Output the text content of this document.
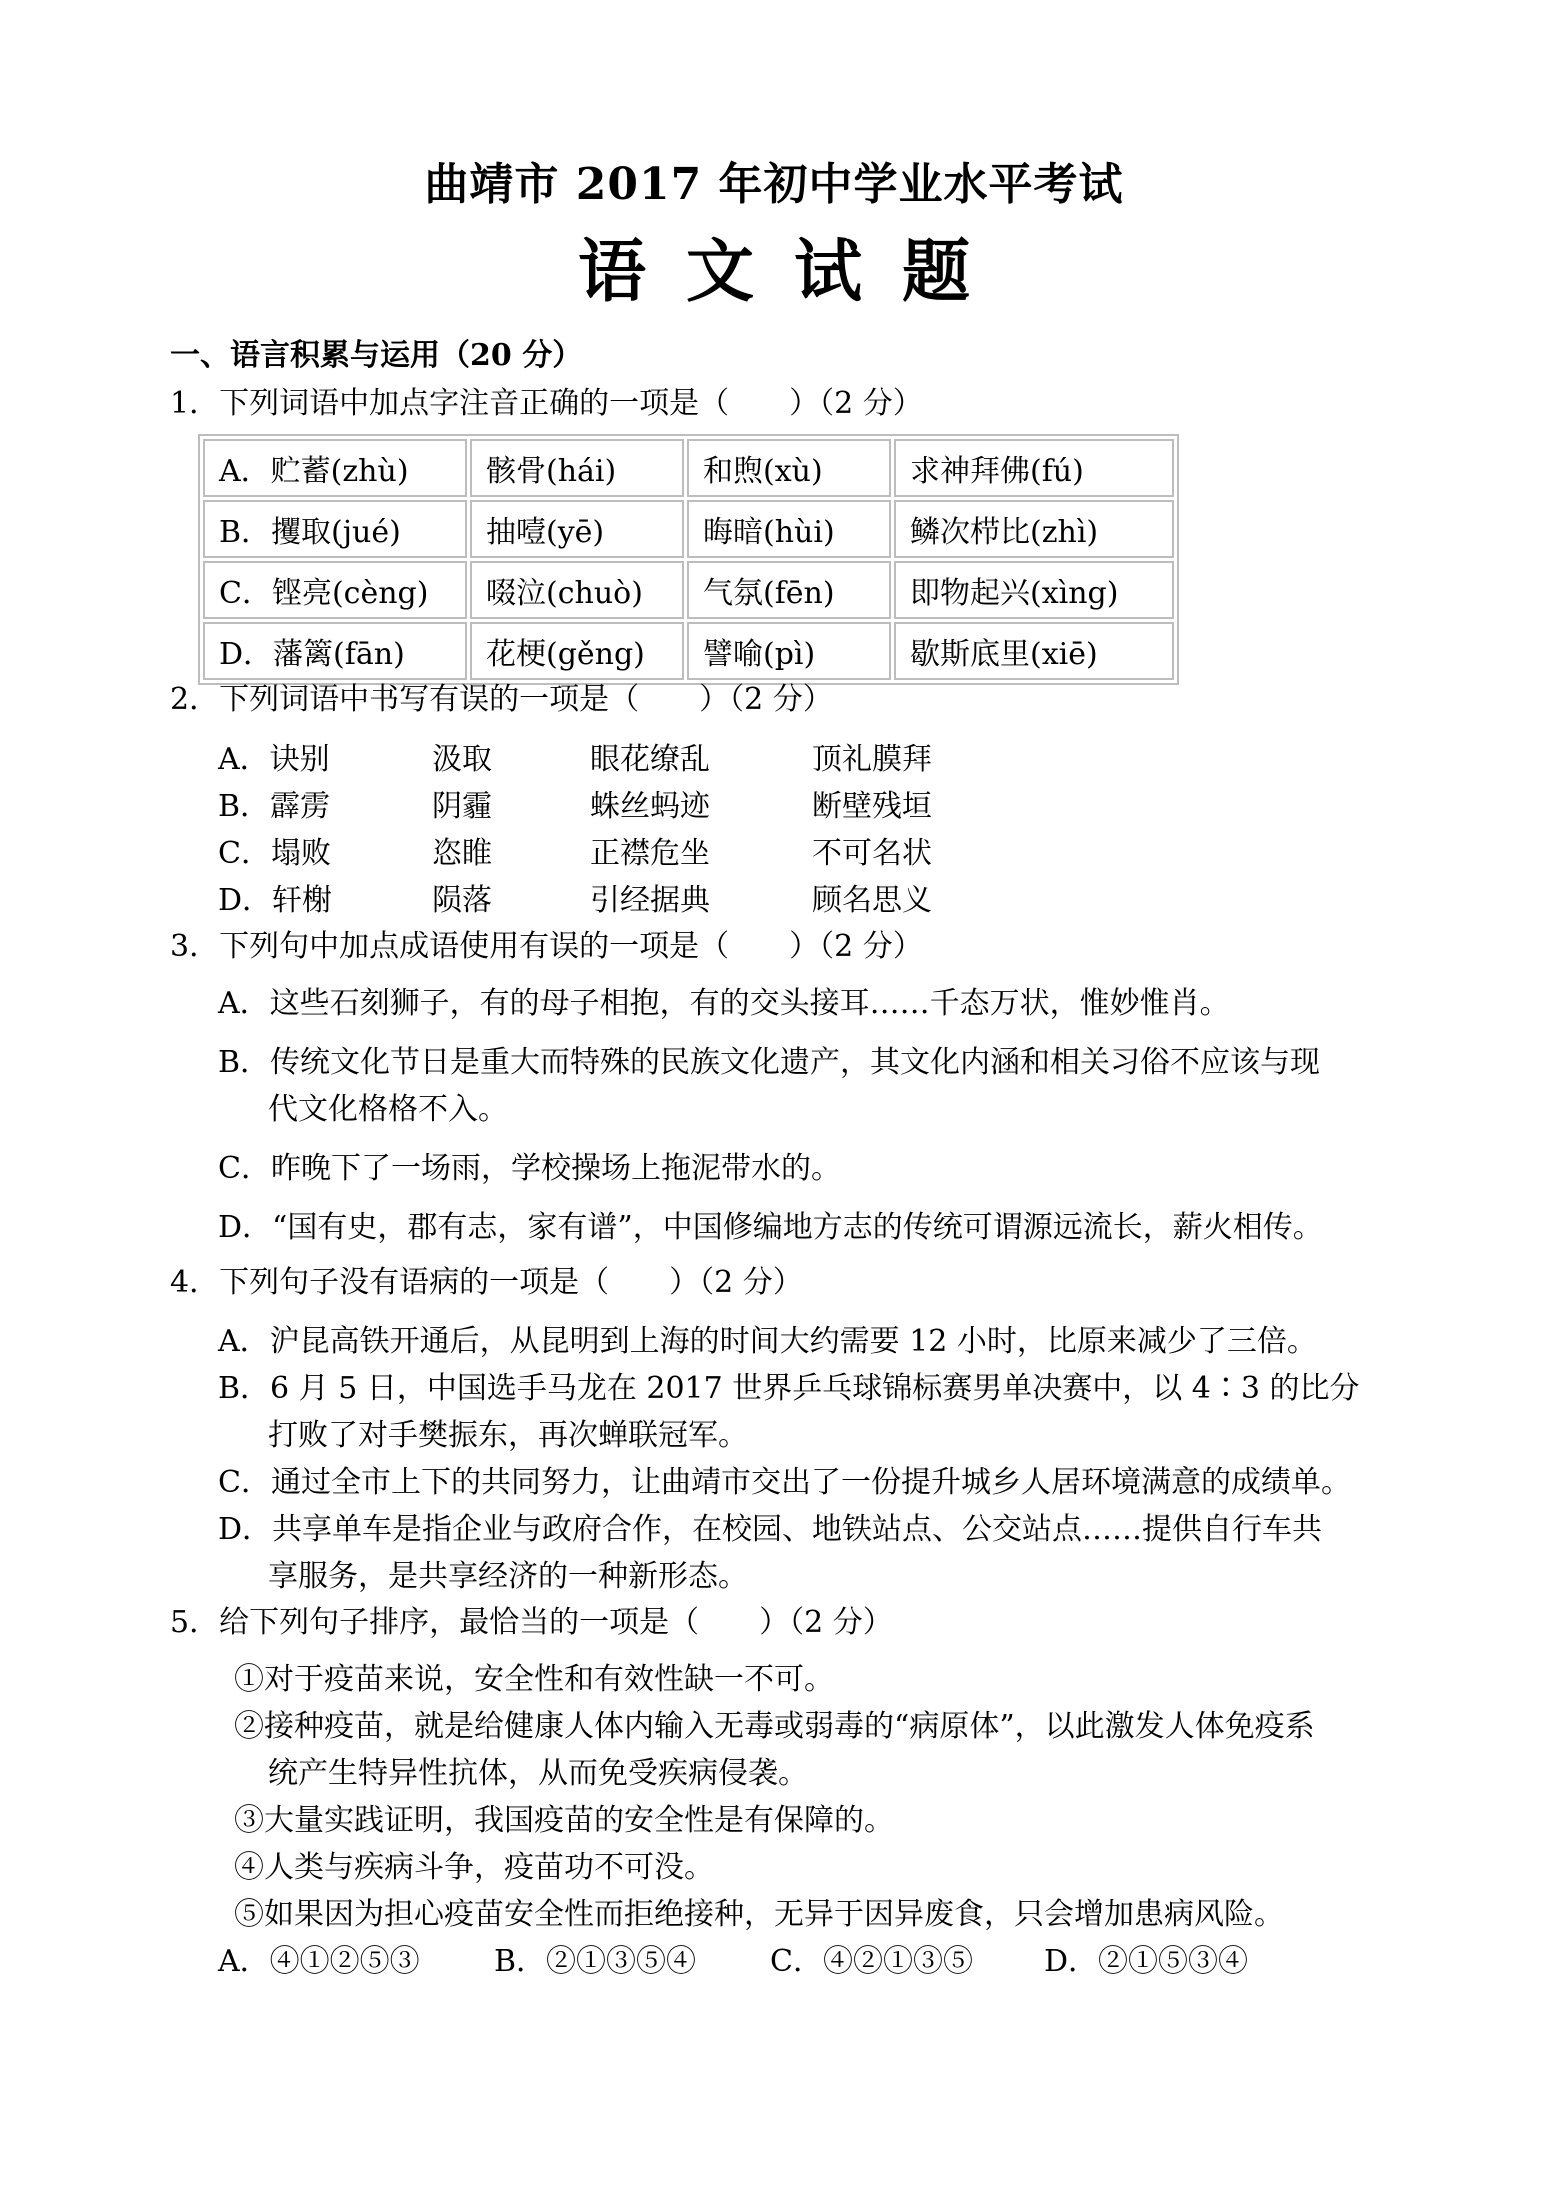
曲靖市 2017 年初中学业水平考试
语文试题
一、语言积累与运用（20 分）
1．下列词语中加点字注音正确的一项是（　　）（2 分）
A．贮蓄(zhù)	骸骨(hái)	和煦(xù)	求神拜佛(fú)
B．攫取(jué)	抽噎(yē)	晦暗(hùi)	鳞次栉比(zhì)
C．铿亮(cèng)	啜泣(chuò)	气氛(fēn)	即物起兴(xìng)
D．藩篱(fān)	花梗(gěng)	譬喻(pì)	歇斯底里(xiē)
2．下列词语中书写有误的一项是（　　）（2 分）
A．诀别	汲取	眼花缭乱	顶礼膜拜
B．霹雳	阴霾	蛛丝蚂迹	断壁残垣
C．塌败	恣睢	正襟危坐	不可名状
D．轩榭	陨落	引经据典	顾名思义
3．下列句中加点成语使用有误的一项是（　　）（2 分）
A．这些石刻狮子，有的母子相抱，有的交头接耳……千态万状，惟妙惟肖。
B．传统文化节日是重大而特殊的民族文化遗产，其文化内涵和相关习俗不应该与现
代文化格格不入。
C．昨晚下了一场雨，学校操场上拖泥带水的。
D．“国有史，郡有志，家有谱”，中国修编地方志的传统可谓源远流长，薪火相传。
4．下列句子没有语病的一项是（　　）（2 分）
A．沪昆高铁开通后，从昆明到上海的时间大约需要 12 小时，比原来减少了三倍。
B．6 月 5 日，中国选手马龙在 2017 世界乒乓球锦标赛男单决赛中，以 4∶3 的比分
打败了对手樊振东，再次蝉联冠军。
C．通过全市上下的共同努力，让曲靖市交出了一份提升城乡人居环境满意的成绩单。
D．共享单车是指企业与政府合作，在校园、地铁站点、公交站点……提供自行车共
享服务，是共享经济的一种新形态。
5．给下列句子排序，最恰当的一项是（　　）（2 分）
①对于疫苗来说，安全性和有效性缺一不可。
②接种疫苗，就是给健康人体内输入无毒或弱毒的“病原体”，以此激发人体免疫系
统产生特异性抗体，从而免受疾病侵袭。
③大量实践证明，我国疫苗的安全性是有保障的。
④人类与疾病斗争，疫苗功不可没。
⑤如果因为担心疫苗安全性而拒绝接种，无异于因异废食，只会增加患病风险。
A．④①②⑤③ B．②①③⑤④ C．④②①③⑤ D．②①⑤③④
